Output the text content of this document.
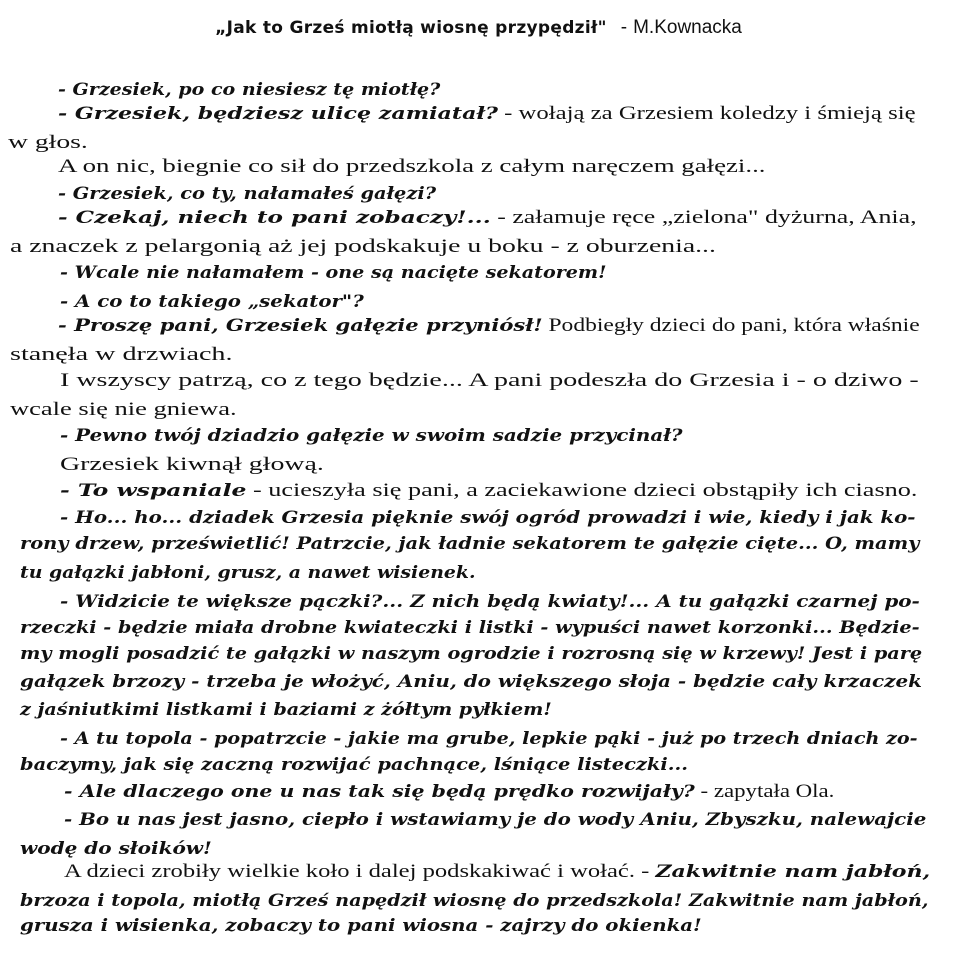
„Jak to Grześ miotłą wiosnę przypędził" - M.Kownacka
- Grzesiek, po co niesiesz tę miotłę?
- Grzesiek, będziesz ulicę zamiatał? - wołają za Grzesiem koledzy i śmieją się
w głos.
A on nic, biegnie co sił do przedszkola z całym naręczem gałęzi...
- Grzesiek, co ty, nałamałeś gałęzi?
- Czekaj, niech to pani zobaczy!... - załamuje ręce „zielona" dyżurna, Ania,
a znaczek z pelargonią aż jej podskakuje u boku - z oburzenia...
- Wcale nie nałamałem - one są nacięte sekatorem!
- A co to takiego „sekator"?
- Proszę pani, Grzesiek gałęzie przyniósł! Podbiegły dzieci do pani, która właśnie
stanęła w drzwiach.
I wszyscy patrzą, co z tego będzie... A pani podeszła do Grzesia i - o dziwo -
wcale się nie gniewa.
- Pewno twój dziadzio gałęzie w swoim sadzie przycinał?
Grzesiek kiwnął głową.
- To wspaniale - ucieszyła się pani, a zaciekawione dzieci obstąpiły ich ciasno.
- Ho... ho... dziadek Grzesia pięknie swój ogród prowadzi i wie, kiedy i jak ko-
rony drzew, prześwietlić! Patrzcie, jak ładnie sekatorem te gałęzie cięte... O, mamy
tu gałązki jabłoni, grusz, a nawet wisienek.
- Widzicie te większe pączki?... Z nich będą kwiaty!... A tu gałązki czarnej po-
rzeczki - będzie miała drobne kwiateczki i listki - wypuści nawet korzonki... Będzie-
my mogli posadzić te gałązki w naszym ogrodzie i rozrosną się w krzewy! Jest i parę
gałązek brzozy - trzeba je włożyć, Aniu, do większego słoja - będzie cały krzaczek
z jaśniutkimi listkami i baziami z żółtym pyłkiem!
- A tu topola - popatrzcie - jakie ma grube, lepkie pąki - już po trzech dniach zo-
baczymy, jak się zaczną rozwijać pachnące, lśniące listeczki...
- Ale dlaczego one u nas tak się będą prędko rozwijały? - zapytała Ola.
- Bo u nas jest jasno, ciepło i wstawiamy je do wody Aniu, Zbyszku, nalewajcie
wodę do słoików!
A dzieci zrobiły wielkie koło i dalej podskakiwać i wołać. - Zakwitnie nam jabłoń,
brzoza i topola, miotłą Grześ napędził wiosnę do przedszkola! Zakwitnie nam jabłoń,
grusza i wisienka, zobaczy to pani wiosna - zajrzy do okienka!
